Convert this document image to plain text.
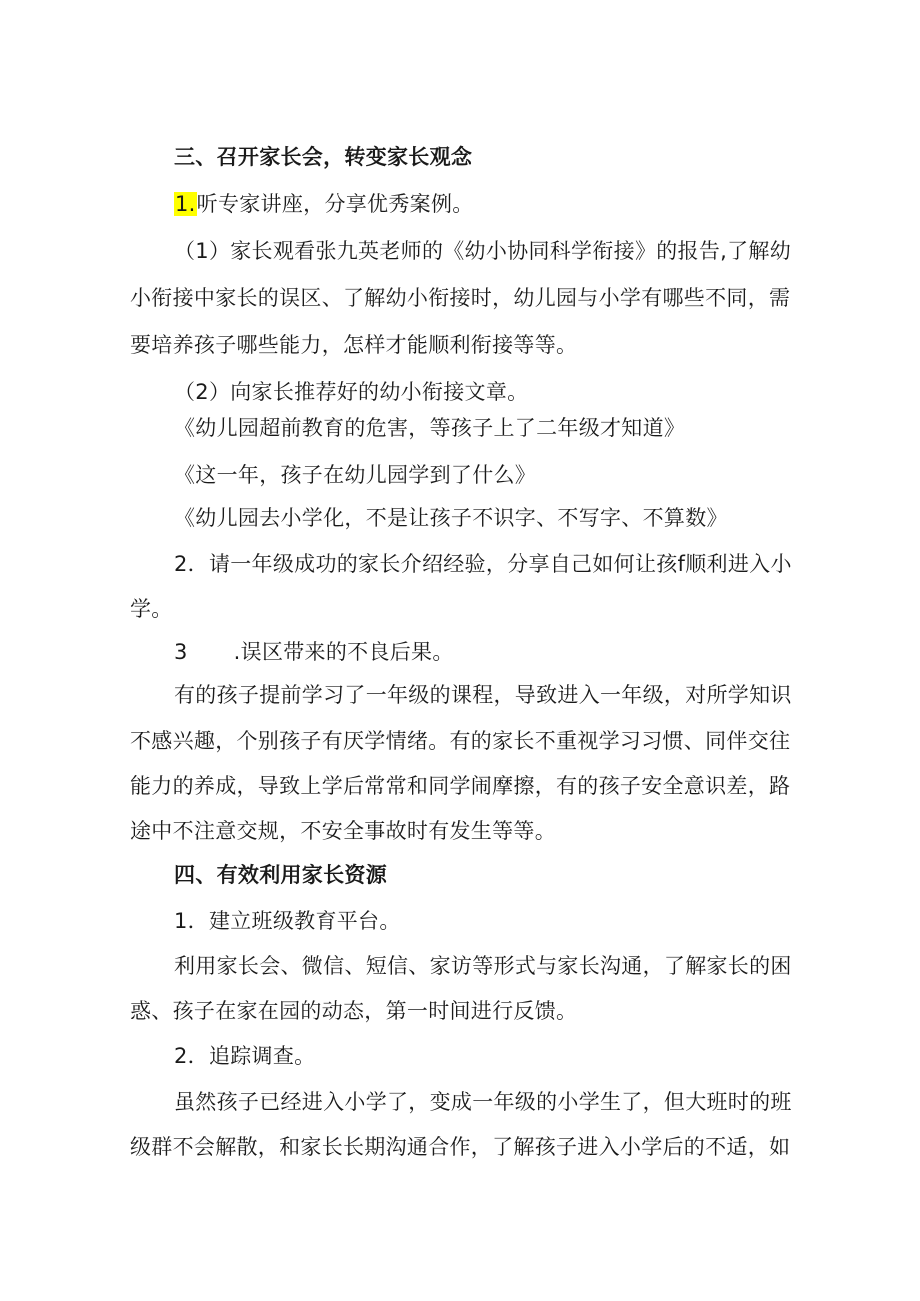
三、召开家长会，转变家长观念
1.听专家讲座，分享优秀案例。
（1）家长观看张九英老师的《幼小协同科学衔接》的报告,了解幼
小衔接中家长的误区、了解幼小衔接时，幼儿园与小学有哪些不同，需
要培养孩子哪些能力，怎样才能顺利衔接等等。
（2）向家长推荐好的幼小衔接文章。
《幼儿园超前教育的危害，等孩子上了二年级才知道》
《这一年，孩子在幼儿园学到了什么》
《幼儿园去小学化，不是让孩子不识字、不写字、不算数》
2．请一年级成功的家长介绍经验，分享自己如何让孩f顺利进入小
学。
3 .误区带来的不良后果。
有的孩子提前学习了一年级的课程，导致进入一年级，对所学知识
不感兴趣，个别孩子有厌学情绪。有的家长不重视学习习惯、同伴交往
能力的养成，导致上学后常常和同学闹摩擦，有的孩子安全意识差，路
途中不注意交规，不安全事故时有发生等等。
四、有效利用家长资源
1．建立班级教育平台。
利用家长会、微信、短信、家访等形式与家长沟通，了解家长的困
惑、孩子在家在园的动态，第一时间进行反馈。
2．追踪调查。
虽然孩子已经进入小学了，变成一年级的小学生了，但大班时的班
级群不会解散，和家长长期沟通合作，了解孩子进入小学后的不适，如
